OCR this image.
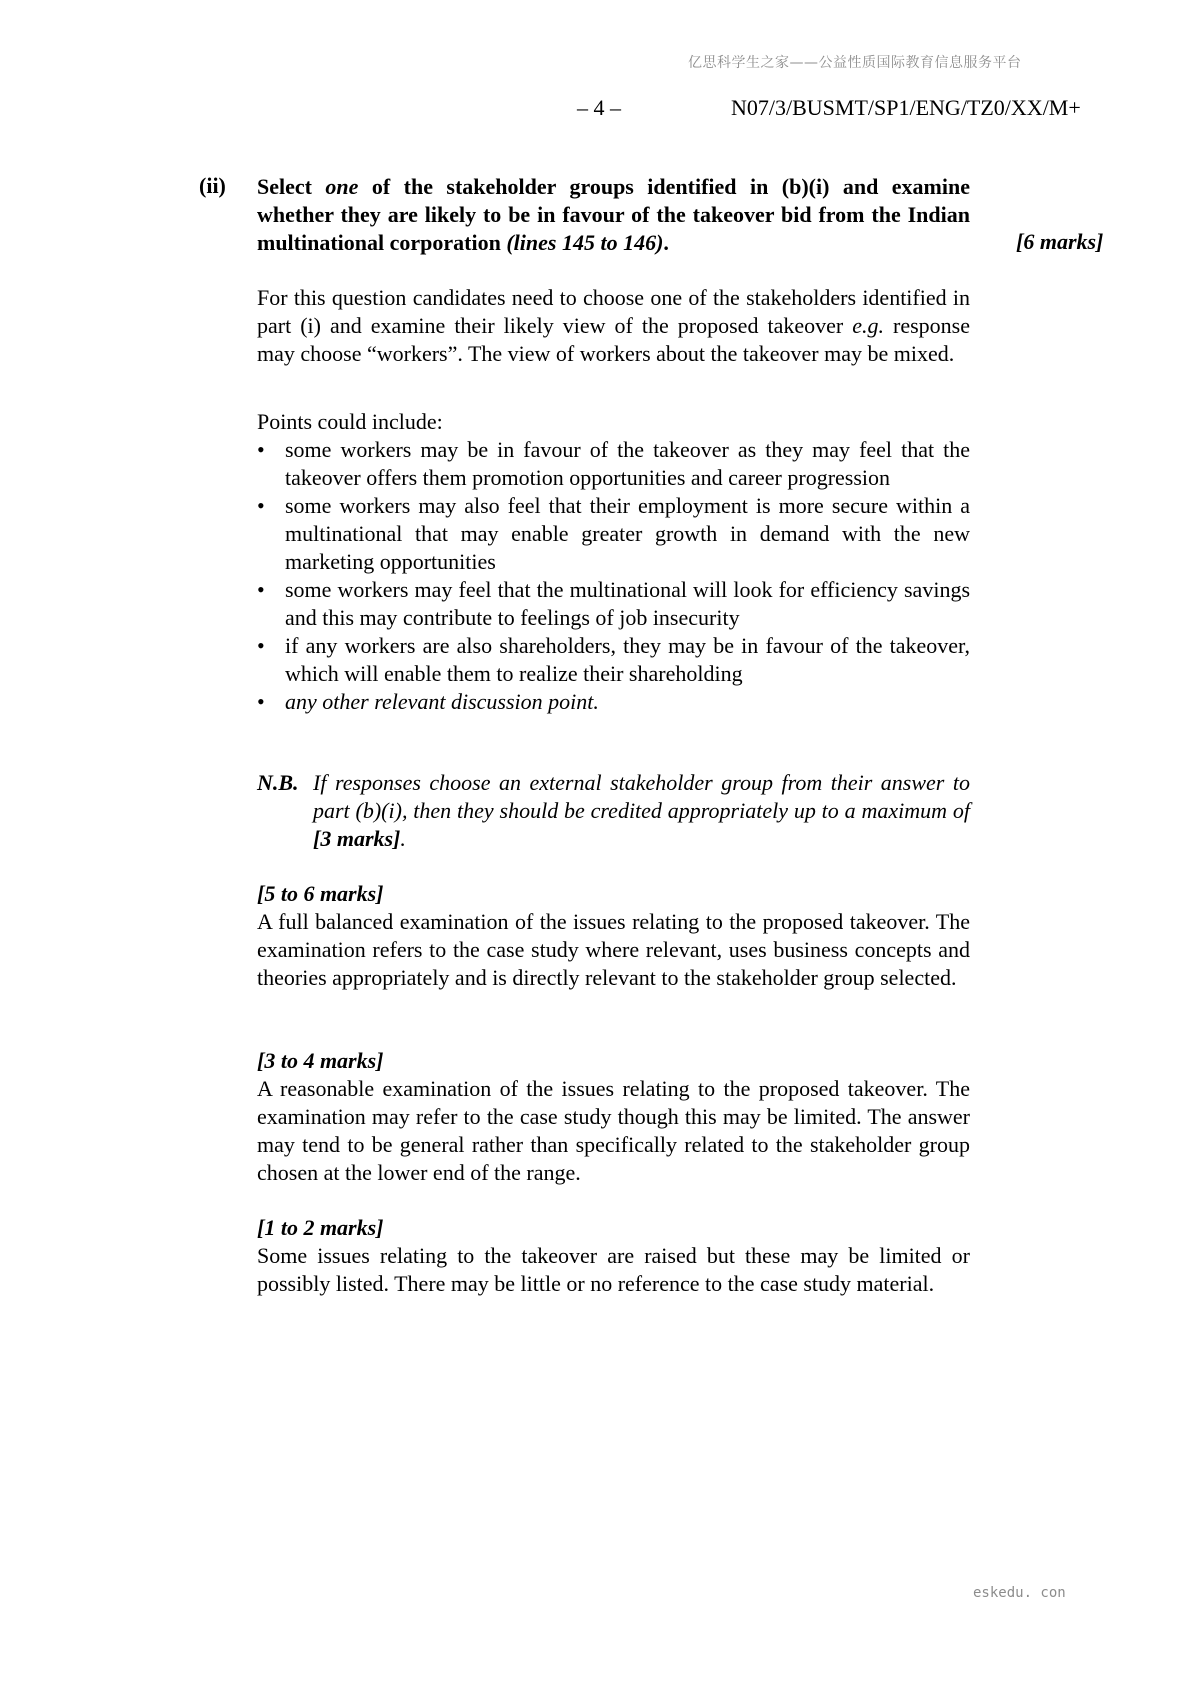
亿思科学生之家——公益性质国际教育信息服务平台
– 4 –	N07/3/BUSMT/SP1/ENG/TZ0/XX/M+
(ii) Select one of the stakeholder groups identified in (b)(i) and examine whether they are likely to be in favour of the takeover bid from the Indian multinational corporation (lines 145 to 146).	[6 marks]
For this question candidates need to choose one of the stakeholders identified in part (i) and examine their likely view of the proposed takeover e.g. response may choose “workers”. The view of workers about the takeover may be mixed.
Points could include:
• some workers may be in favour of the takeover as they may feel that the takeover offers them promotion opportunities and career progression
• some workers may also feel that their employment is more secure within a multinational that may enable greater growth in demand with the new marketing opportunities
• some workers may feel that the multinational will look for efficiency savings and this may contribute to feelings of job insecurity
• if any workers are also shareholders, they may be in favour of the takeover, which will enable them to realize their shareholding
• any other relevant discussion point.
N.B. If responses choose an external stakeholder group from their answer to part (b)(i), then they should be credited appropriately up to a maximum of [3 marks].
[5 to 6 marks]
A full balanced examination of the issues relating to the proposed takeover. The examination refers to the case study where relevant, uses business concepts and theories appropriately and is directly relevant to the stakeholder group selected.
[3 to 4 marks]
A reasonable examination of the issues relating to the proposed takeover. The examination may refer to the case study though this may be limited. The answer may tend to be general rather than specifically related to the stakeholder group chosen at the lower end of the range.
[1 to 2 marks]
Some issues relating to the takeover are raised but these may be limited or possibly listed. There may be little or no reference to the case study material.
eskedu. con
